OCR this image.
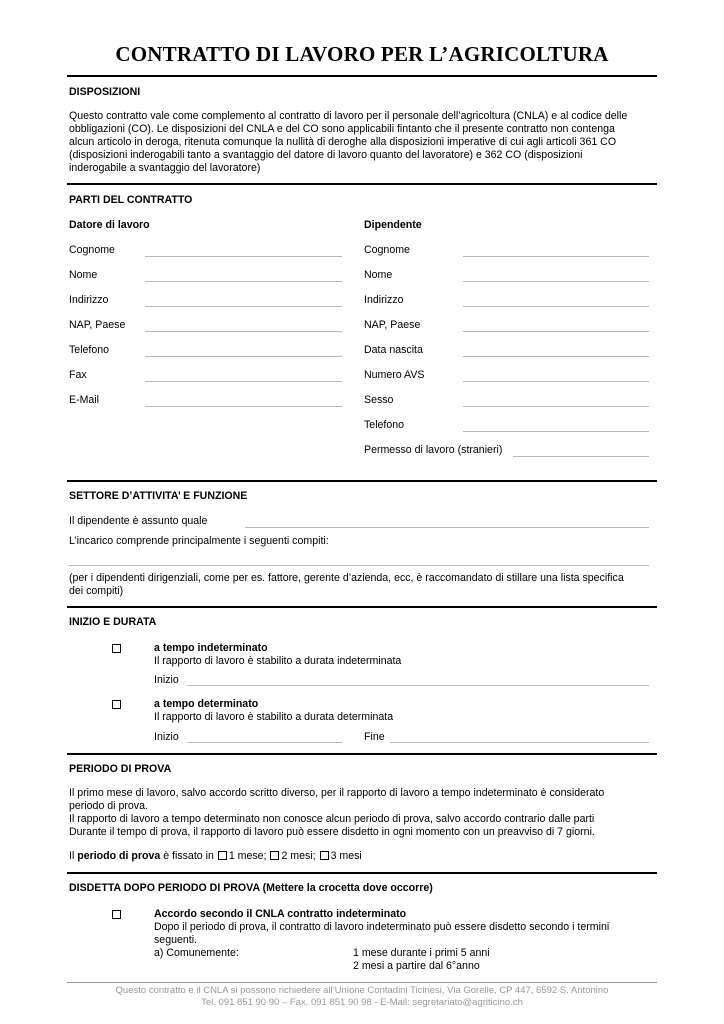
CONTRATTO DI LAVORO PER L’AGRICOLTURA
DISPOSIZIONI
Questo contratto vale come complemento al contratto di lavoro per il personale dell’agricoltura (CNLA) e al codice delle
obbligazioni (CO). Le disposizioni del CNLA e del CO sono applicabili fintanto che il presente contratto non contenga
alcun articolo in deroga, ritenuta comunque la nullità di deroghe alla disposizioni imperative di cui agli articoli 361 CO
(disposizioni inderogabili tanto a svantaggio del datore di lavoro quanto del lavoratore) e 362 CO (disposizioni
inderogabile a svantaggio del lavoratore)
PARTI DEL CONTRATTO
Datore di lavoro	Dipendente
Cognome
Nome
Indirizzo
NAP, Paese
Telefono
Fax
E-Mail
Cognome
Nome
Indirizzo
NAP, Paese
Data nascita
Numero AVS
Sesso
Telefono
Permesso di lavoro (stranieri)
SETTORE D’ATTIVITA’ E FUNZIONE
Il dipendente è assunto quale
L’incarico comprende principalmente i seguenti compiti:
(per i dipendenti dirigenziali, come per es. fattore, gerente d’azienda, ecc, è raccomandato di stillare una lista specifica
dei compiti)
INIZIO E DURATA
a tempo indeterminato
Il rapporto di lavoro è stabilito a durata indeterminata
Inizio
a tempo determinato
Il rapporto di lavoro è stabilito a durata determinata
Inizio	Fine
PERIODO DI PROVA
Il primo mese di lavoro, salvo accordo scritto diverso, per il rapporto di lavoro a tempo indeterminato è considerato
periodo di prova.
Il rapporto di lavoro a tempo determinato non conosce alcun periodo di prova, salvo accordo contrario dalle parti
Durante il tempo di prova, il rapporto di lavoro può essere disdetto in ogni momento con un preavviso di 7 giorni.
Il periodo di prova è fissato in 1 mese; 2 mesi; 3 mesi
DISDETTA DOPO PERIODO DI PROVA (Mettere la crocetta dove occorre)
Accordo secondo il CNLA contratto indeterminato
Dopo il periodo di prova, il contratto di lavoro indeterminato può essere disdetto secondo i termini
seguenti.
a) Comunemente:	1 mese durante i primi 5 anni
2 mesi a partire dal 6°anno
Questo contratto e il CNLA si possono richiedere all’Unione Contadini Ticinesi, Via Gorelle, CP 447, 6592 S. Antonino
Tel. 091 851 90 90 – Fax. 091 851 90 98 - E-Mail: segretariato@agriticino.ch
